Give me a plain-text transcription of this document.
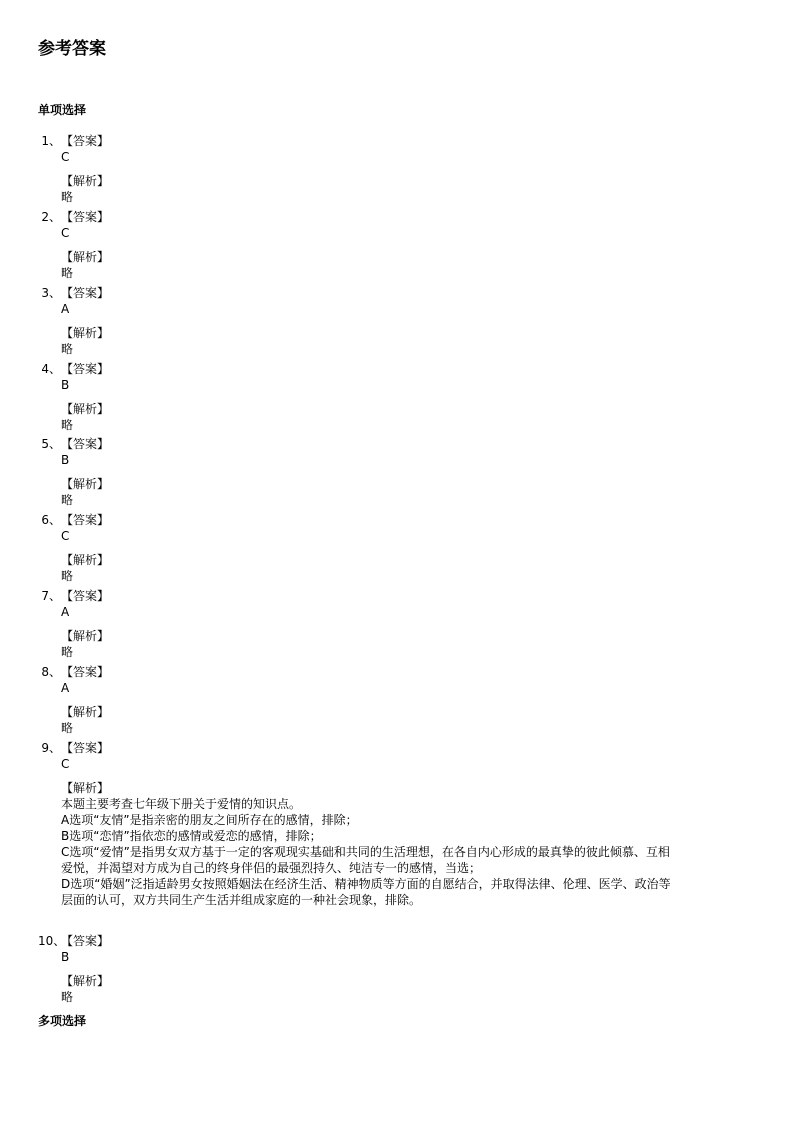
参考答案
单项选择
1、 【答案】
C
【解析】
略
2、 【答案】
C
【解析】
略
3、 【答案】
A
【解析】
略
4、 【答案】
B
【解析】
略
5、 【答案】
B
【解析】
略
6、 【答案】
C
【解析】
略
7、 【答案】
A
【解析】
略
8、 【答案】
A
【解析】
略
9、 【答案】
C
【解析】
本题主要考查七年级下册关于爱情的知识点。
A选项“友情”是指亲密的朋友之间所存在的感情，排除；
B选项“恋情”指依恋的感情或爱恋的感情，排除；
C选项“爱情”是指男女双方基于一定的客观现实基础和共同的生活理想，在各自内心形成的最真挚的彼此倾慕、互相
爱悦，并渴望对方成为自己的终身伴侣的最强烈持久、纯洁专一的感情，当选；
D选项“婚姻”泛指适龄男女按照婚姻法在经济生活、精神物质等方面的自愿结合，并取得法律、伦理、医学、政治等
层面的认可，双方共同生产生活并组成家庭的一种社会现象，排除。
10、
【答案】
B
【解析】
略
多项选择
